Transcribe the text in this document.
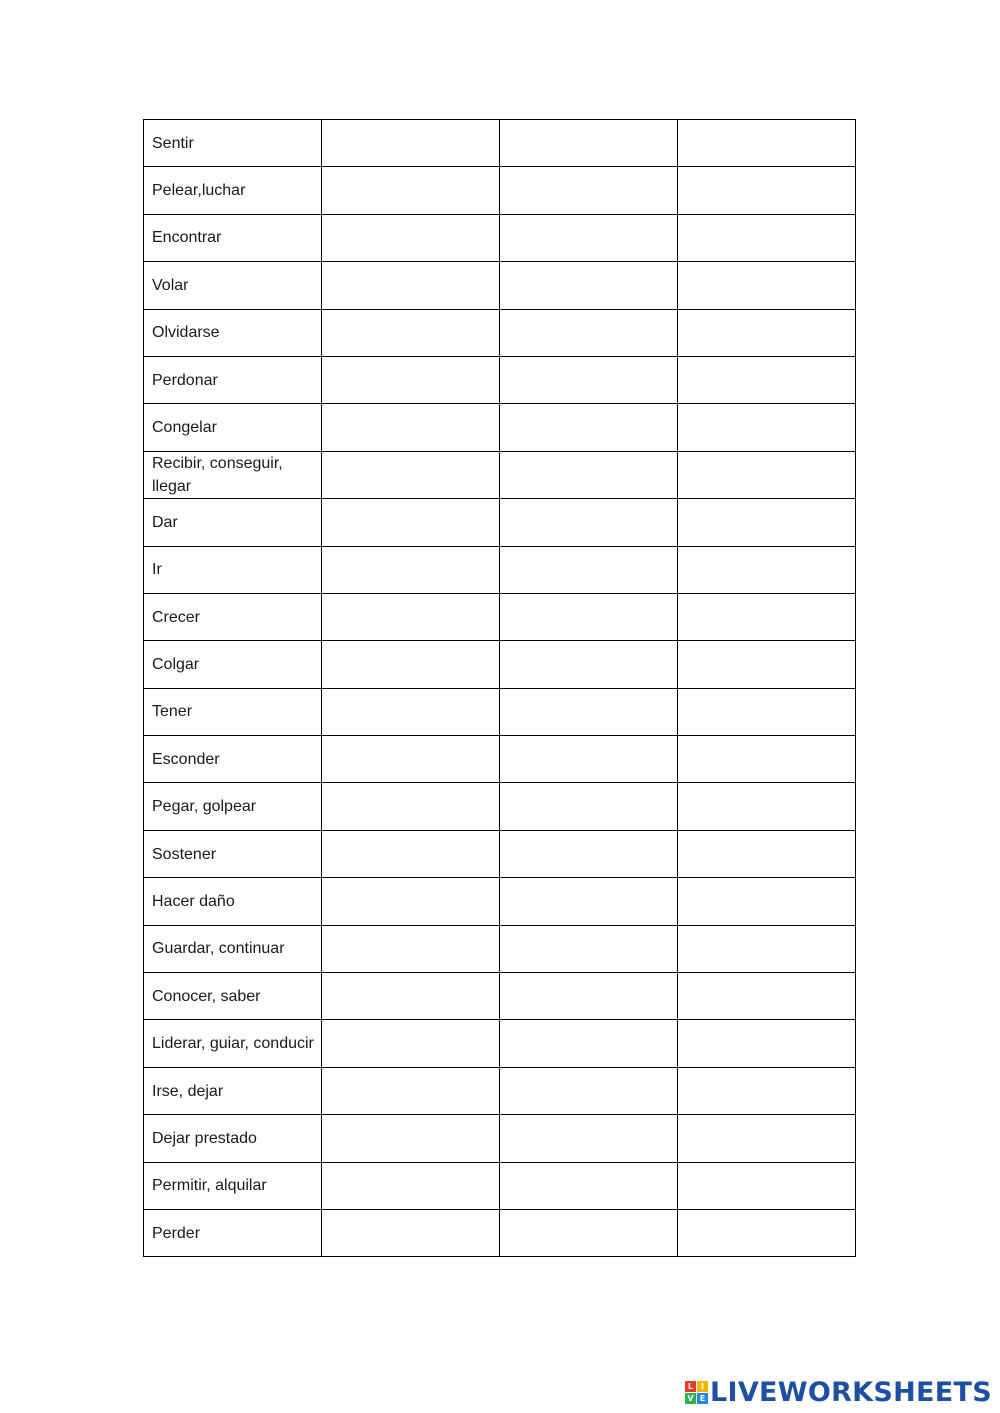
Sentir	

Pelear,luchar	

Encontrar	

Volar	

Olvidarse	

Perdonar	

Congelar	

Recibir, conseguir, llegar	

Dar	

Ir	

Crecer	

Colgar	

Tener	

Esconder	

Pegar, golpear	

Sostener	

Hacer daño	

Guardar, continuar	

Conocer, saber	

Liderar, guiar, conducir	

Irse, dejar	

Dejar prestado	

Permitir, alquilar	

Perder	

L I
V E LIVEWORKSHEETS
